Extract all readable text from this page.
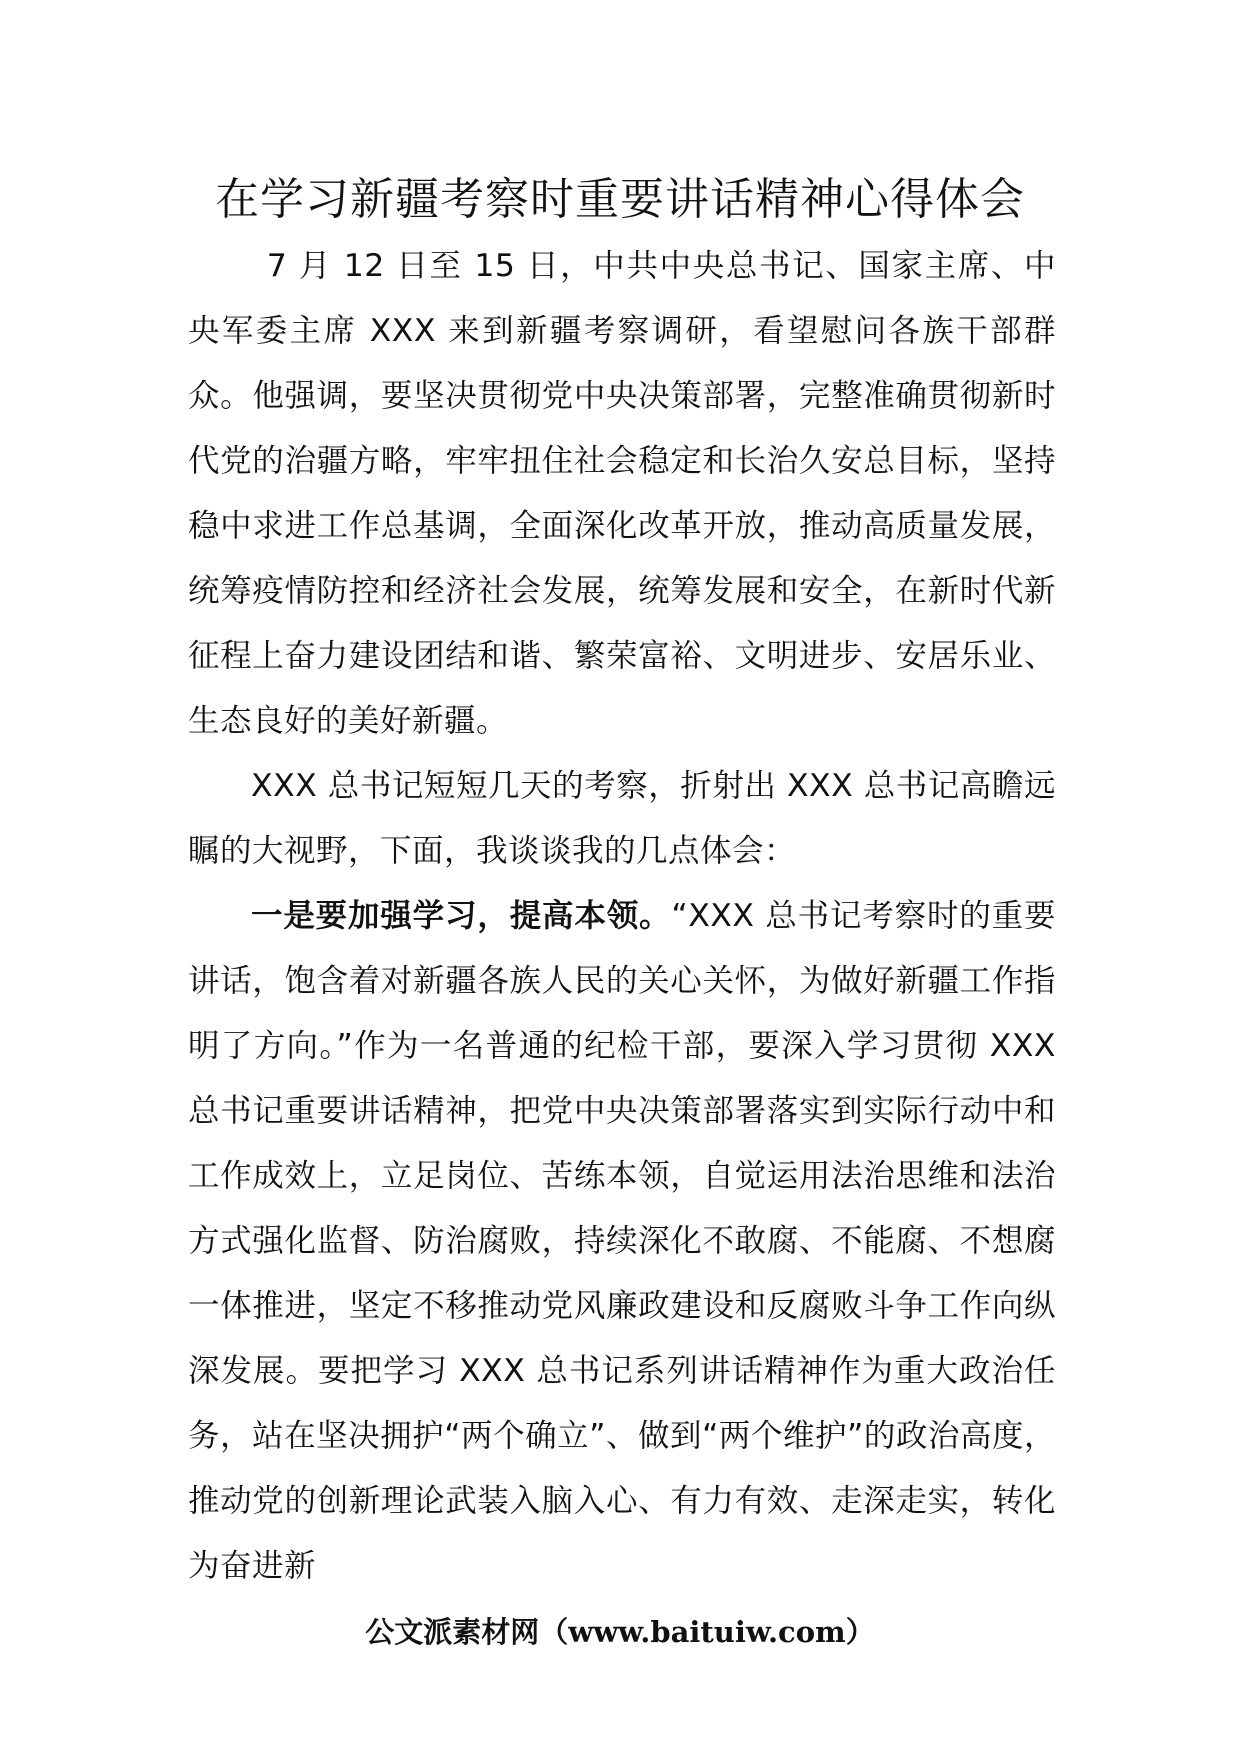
在学习新疆考察时重要讲话精神心得体会

7 月 12 日至 15 日，中共中央总书记、国家主席、中央军委主席 XXX 来到新疆考察调研，看望慰问各族干部群众。他强调，要坚决贯彻党中央决策部署，完整准确贯彻新时代党的治疆方略，牢牢扭住社会稳定和长治久安总目标，坚持稳中求进工作总基调，全面深化改革开放，推动高质量发展，统筹疫情防控和经济社会发展，统筹发展和安全，在新时代新征程上奋力建设团结和谐、繁荣富裕、文明进步、安居乐业、生态良好的美好新疆。

XXX 总书记短短几天的考察，折射出 XXX 总书记高瞻远瞩的大视野，下面，我谈谈我的几点体会：

一是要加强学习，提高本领。“XXX 总书记考察时的重要讲话，饱含着对新疆各族人民的关心关怀，为做好新疆工作指明了方向。”作为一名普通的纪检干部，要深入学习贯彻 XXX 总书记重要讲话精神，把党中央决策部署落实到实际行动中和工作成效上，立足岗位、苦练本领，自觉运用法治思维和法治方式强化监督、防治腐败，持续深化不敢腐、不能腐、不想腐一体推进，坚定不移推动党风廉政建设和反腐败斗争工作向纵深发展。要把学习 XXX 总书记系列讲话精神作为重大政治任务，站在坚决拥护“两个确立”、做到“两个维护”的政治高度，推动党的创新理论武装入脑入心、有力有效、走深走实，转化为奋进新

公文派素材网（www.baituiw.com）
